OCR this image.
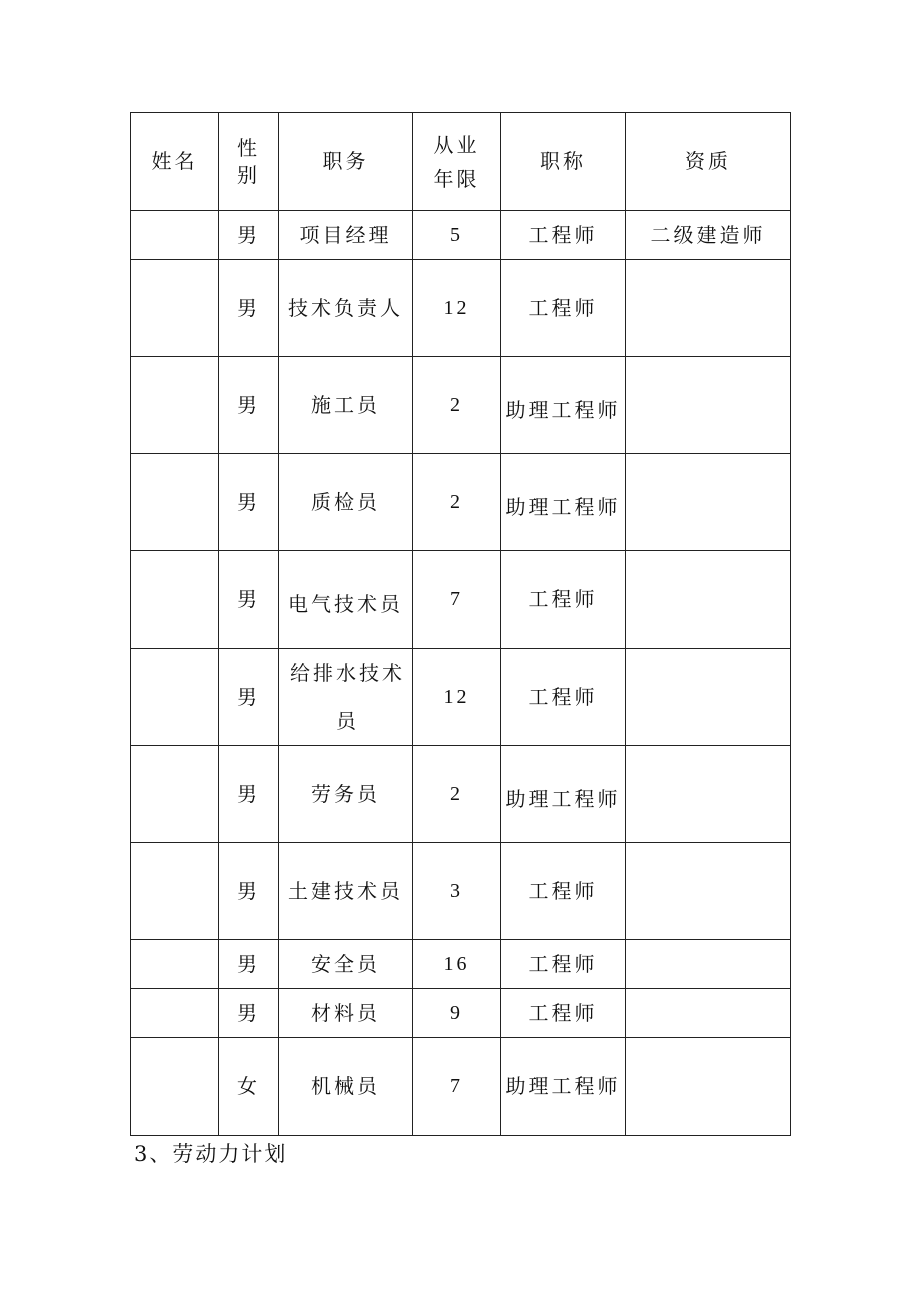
姓名	性别	职务	从业年限	职称	资质
	男	项目经理	5	工程师	二级建造师
	男	技术负责人	12	工程师	
	男	施工员	2	助理工程师	
	男	质检员	2	助理工程师	
	男	电气技术员	7	工程师	
	男	给排水技术员	12	工程师	
	男	劳务员	2	助理工程师	
	男	土建技术员	3	工程师	
	男	安全员	16	工程师	
	男	材料员	9	工程师	
	女	机械员	7	助理工程师	
3、劳动力计划
